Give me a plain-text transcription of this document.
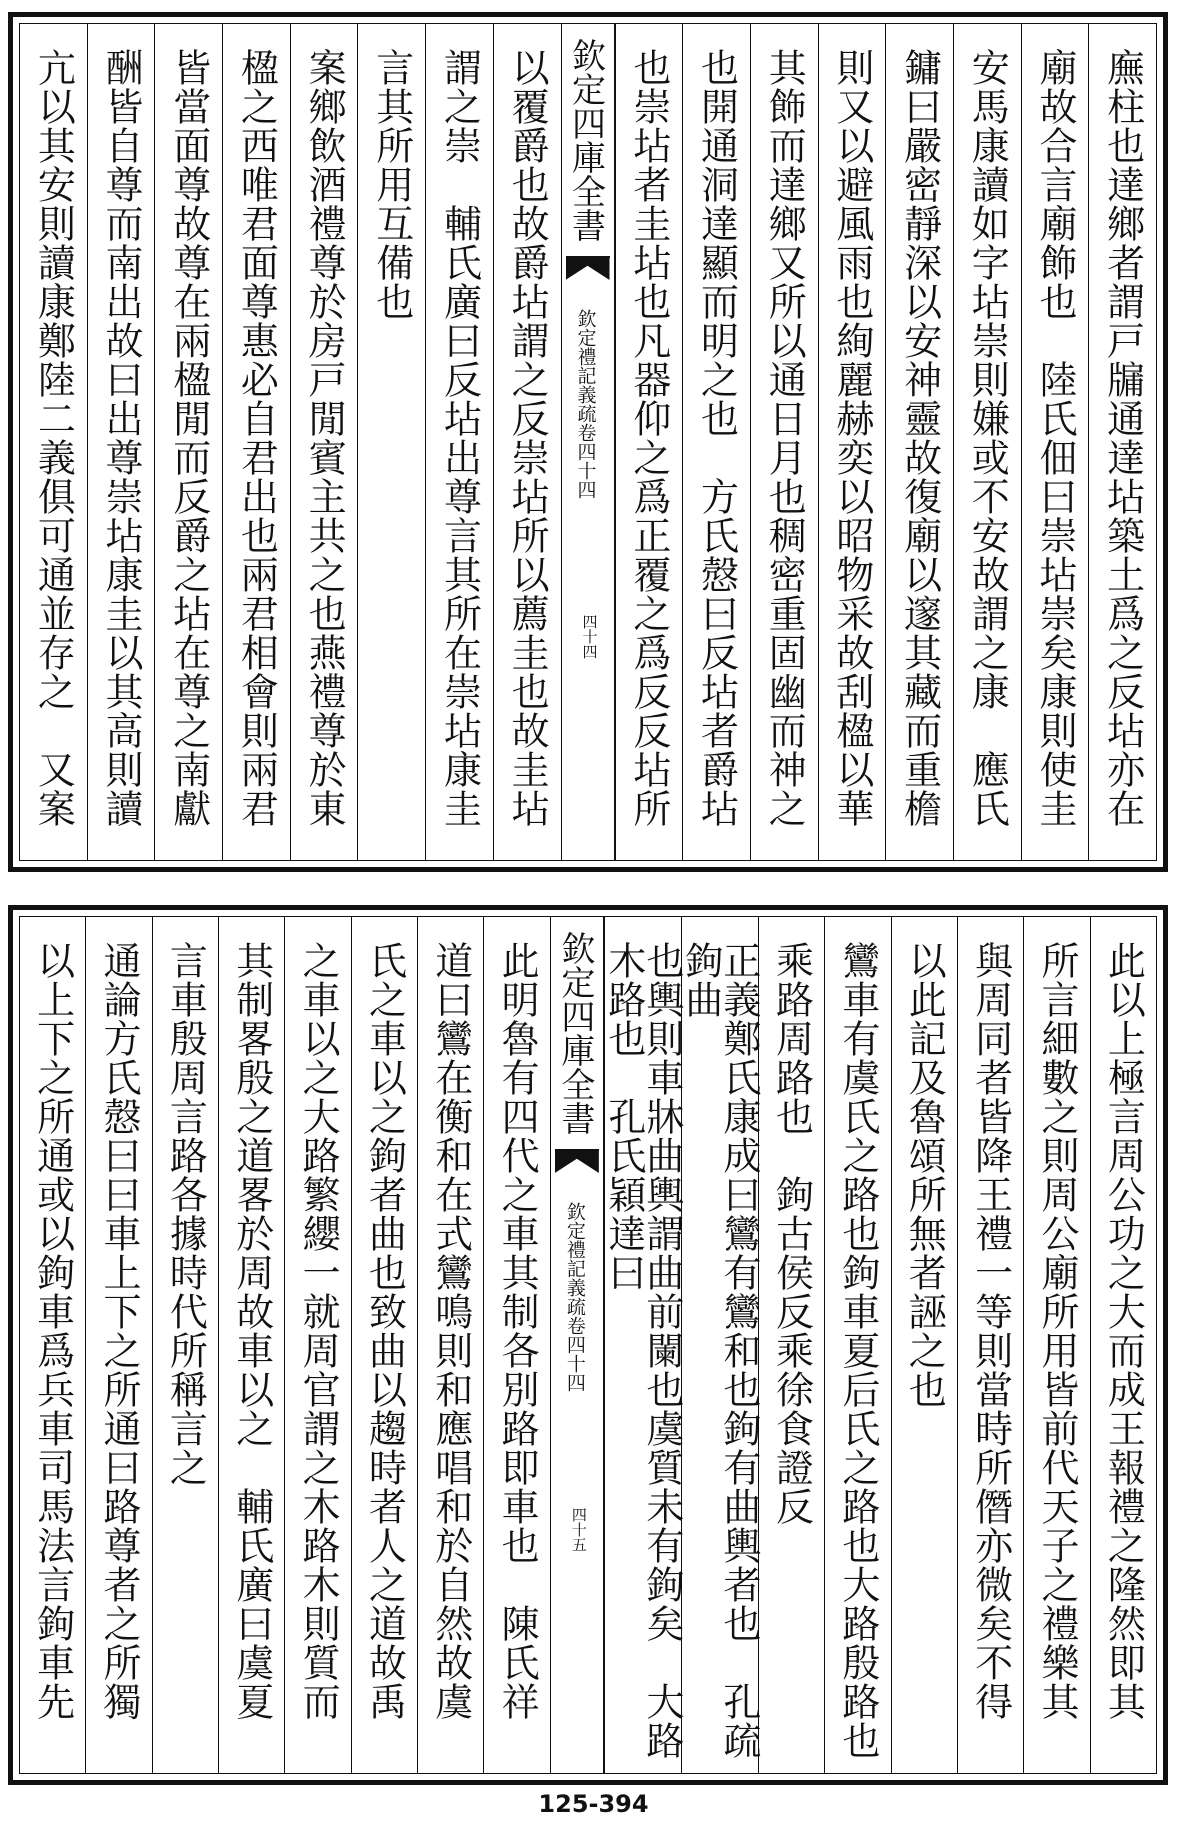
廡柱也達鄉者謂戸牖通達坫築土爲之反坫亦在
廟故合言廟飾也　陸氏佃曰崇坫崇矣康則使圭
安馬康讀如字坫崇則嫌或不安故謂之康　應氏
鏞曰嚴密靜深以安神靈故復廟以邃其藏而重檐
則又以避風雨也絢麗赫奕以昭物采故刮楹以華
其飾而達鄉又所以通日月也稠密重固幽而神之
也開通洞達顯而明之也　方氏慤曰反坫者爵坫
也崇坫者圭坫也凡器仰之爲正覆之爲反反坫所
欽定四庫全書
欽定禮記義疏卷四十四
四十四
以覆爵也故爵坫謂之反崇坫所以薦圭也故圭坫
謂之崇　輔氏廣曰反坫出尊言其所在崇坫康圭
言其所用互備也
案鄉飲酒禮尊於房戸閒賓主共之也燕禮尊於東
楹之西唯君面尊惠必自君出也兩君相會則兩君
皆當面尊故尊在兩楹閒而反爵之坫在尊之南獻
酬皆自尊而南出故曰出尊崇坫康圭以其高則讀
亢以其安則讀康鄭陸二義俱可通並存之　又案
此以上極言周公功之大而成王報禮之隆然即其
所言細數之則周公廟所用皆前代天子之禮樂其
與周同者皆降王禮一等則當時所僭亦微矣不得
以此記及魯頌所無者誣之也
鸞車有虞氏之路也鉤車夏后氏之路也大路殷路也
乘路周路也　鉤古侯反乘徐食證反
正義鄭氏康成曰鸞有鸞和也鉤有曲輿者也　孔疏鉤曲
也輿則車牀曲輿謂曲前闌也虞質未有鉤矣　大路木路也　孔氏穎達曰
欽定四庫全書
欽定禮記義疏卷四十四
四十五
此明魯有四代之車其制各別路即車也　陳氏祥
道曰鸞在衡和在式鸞鳴則和應唱和於自然故虞
氏之車以之鉤者曲也致曲以趨時者人之道故禹
之車以之大路繁纓一就周官謂之木路木則質而
其制畧殷之道畧於周故車以之　輔氏廣曰虞夏
言車殷周言路各據時代所稱言之
通論方氏慤曰曰車上下之所通曰路尊者之所獨
以上下之所通或以鉤車爲兵車司馬法言鉤車先
125-394
